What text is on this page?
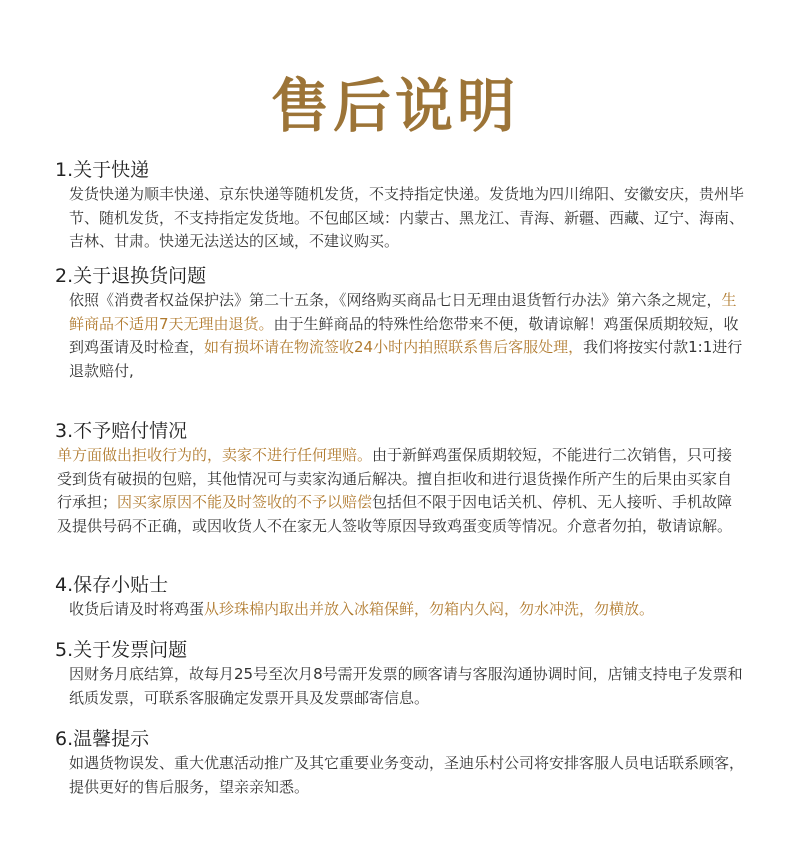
售后说明

1.关于快递

发货快递为顺丰快递、京东快递等随机发货，不支持指定快递。发货地为四川绵阳、安徽安庆，贵州毕节、随机发货，不支持指定发货地。不包邮区域：内蒙古、黑龙江、青海、新疆、西藏、辽宁、海南、吉林、甘肃。快递无法送达的区域，不建议购买。

2.关于退换货问题

依照《消费者权益保护法》第二十五条，《网络购买商品七日无理由退货暂行办法》第六条之规定，生鲜商品不适用7天无理由退货。由于生鲜商品的特殊性给您带来不便，敬请谅解！鸡蛋保质期较短，收到鸡蛋请及时检查，如有损坏请在物流签收24小时内拍照联系售后客服处理，我们将按实付款1:1进行退款赔付,

3.不予赔付情况

单方面做出拒收行为的，卖家不进行任何理赔。由于新鲜鸡蛋保质期较短，不能进行二次销售，只可接受到货有破损的包赔，其他情况可与卖家沟通后解决。擅自拒收和进行退货操作所产生的后果由买家自行承担；因买家原因不能及时签收的不予以赔偿包括但不限于因电话关机、停机、无人接听、手机故障及提供号码不正确，或因收货人不在家无人签收等原因导致鸡蛋变质等情况。介意者勿拍，敬请谅解。

4.保存小贴士

收货后请及时将鸡蛋从珍珠棉内取出并放入冰箱保鲜，勿箱内久闷，勿水冲洗，勿横放。

5.关于发票问题

因财务月底结算，故每月25号至次月8号需开发票的顾客请与客服沟通协调时间，店铺支持电子发票和纸质发票，可联系客服确定发票开具及发票邮寄信息。

6.温馨提示

如遇货物误发、重大优惠活动推广及其它重要业务变动，圣迪乐村公司将安排客服人员电话联系顾客，提供更好的售后服务，望亲亲知悉。
